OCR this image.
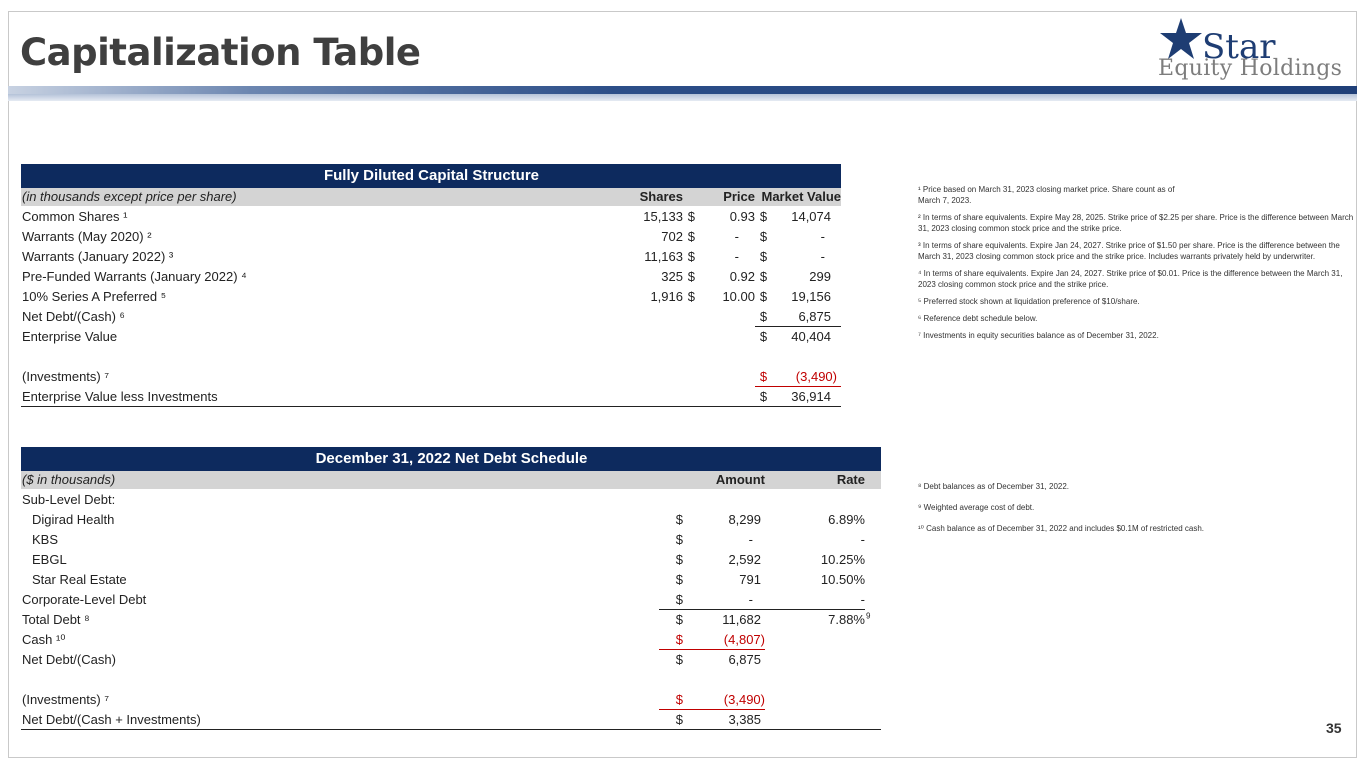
Capitalization Table	Star
Equity Holdings
Fully Diluted Capital Structure					
(in thousands except price per share)	Shares		Price	Market Value	
Common Shares ¹	15,133	$	0.93	$	14,074
Warrants (May 2020) ²	702	$	-	$	-
Warrants (January 2022) ³	11,163	$	-	$	-
Pre-Funded Warrants (January 2022) ⁴	325	$	0.92	$	299
10% Series A Preferred ⁵	1,916	$	10.00	$	19,156
Net Debt/(Cash) ⁶				$	6,875
Enterprise Value				$	40,404

(Investments) ⁷				$	(3,490)
Enterprise Value less Investments				$	36,914
December 31, 2022 Net Debt Schedule					
($ in thousands)		Amount	Rate		
Sub-Level Debt:					
Digirad Health	$	8,299	6.89%		
KBS	$	-	-		
EBGL	$	2,592	10.25%		
Star Real Estate	$	791	10.50%		
Corporate-Level Debt	$	-	-		
Total Debt ⁸	$	11,682	7.88%		$^9$
Cash ¹⁰	$	(4,807)			
Net Debt/(Cash)	$	6,875			

(Investments) ⁷	$	(3,490)			
Net Debt/(Cash + Investments)	$	3,385			
¹ Price based on March 31, 2023 closing market price. Share count as of

March 7, 2023.

² In terms of share equivalents. Expire May 28, 2025. Strike price of $2.25 per share. Price is the difference between March 31, 2023 closing common stock price and the strike price.

³ In terms of share equivalents. Expire Jan 24, 2027. Strike price of $1.50 per share. Price is the difference between the March 31, 2023 closing common stock price and the strike price. Includes warrants privately held by underwriter.

⁴ In terms of share equivalents. Expire Jan 24, 2027. Strike price of $0.01. Price is the difference between the March 31, 2023 closing common stock price and the strike price.

⁵ Preferred stock shown at liquidation preference of $10/share.

⁶ Reference debt schedule below.

⁷ Investments in equity securities balance as of December 31, 2022.

⁸ Debt balances as of December 31, 2022.

⁹ Weighted average cost of debt.

¹⁰ Cash balance as of December 31, 2022 and includes $0.1M of restricted cash.

35
